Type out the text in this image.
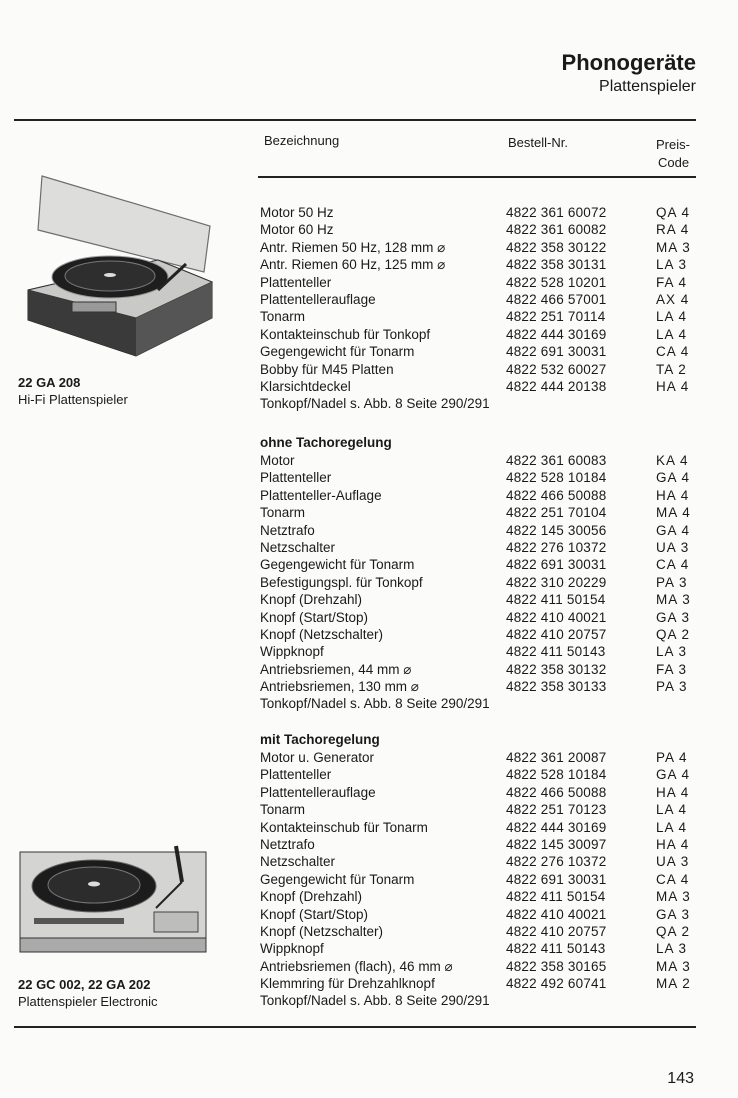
Phonogeräte
Plattenspieler
Bezeichnung	Bestell-Nr.	Preis-
Code
22 GA 208
Hi-Fi Plattenspieler
22 GC 002, 22 GA 202
Plattenspieler Electronic
Motor 50 Hz	4822 361 60072	QA 4
Motor 60 Hz	4822 361 60082	RA 4
Antr. Riemen 50 Hz, 128 mm ⌀	4822 358 30122	MA 3
Antr. Riemen 60 Hz, 125 mm ⌀	4822 358 30131	LA 3
Plattenteller	4822 528 10201	FA 4
Plattentellerauflage	4822 466 57001	AX 4
Tonarm	4822 251 70114	LA 4
Kontakteinschub für Tonkopf	4822 444 30169	LA 4
Gegengewicht für Tonarm	4822 691 30031	CA 4
Bobby für M45 Platten	4822 532 60027	TA 2
Klarsichtdeckel	4822 444 20138	HA 4
Tonkopf/Nadel s. Abb. 8 Seite 290/291
ohne Tachoregelung
Motor	4822 361 60083	KA 4
Plattenteller	4822 528 10184	GA 4
Plattenteller-Auflage	4822 466 50088	HA 4
Tonarm	4822 251 70104	MA 4
Netztrafo	4822 145 30056	GA 4
Netzschalter	4822 276 10372	UA 3
Gegengewicht für Tonarm	4822 691 30031	CA 4
Befestigungspl. für Tonkopf	4822 310 20229	PA 3
Knopf (Drehzahl)	4822 411 50154	MA 3
Knopf (Start/Stop)	4822 410 40021	GA 3
Knopf (Netzschalter)	4822 410 20757	QA 2
Wippknopf	4822 411 50143	LA 3
Antriebsriemen, 44 mm ⌀	4822 358 30132	FA 3
Antriebsriemen, 130 mm ⌀	4822 358 30133	PA 3
Tonkopf/Nadel s. Abb. 8 Seite 290/291
mit Tachoregelung
Motor u. Generator	4822 361 20087	PA 4
Plattenteller	4822 528 10184	GA 4
Plattentellerauflage	4822 466 50088	HA 4
Tonarm	4822 251 70123	LA 4
Kontakteinschub für Tonarm	4822 444 30169	LA 4
Netztrafo	4822 145 30097	HA 4
Netzschalter	4822 276 10372	UA 3
Gegengewicht für Tonarm	4822 691 30031	CA 4
Knopf (Drehzahl)	4822 411 50154	MA 3
Knopf (Start/Stop)	4822 410 40021	GA 3
Knopf (Netzschalter)	4822 410 20757	QA 2
Wippknopf	4822 411 50143	LA 3
Antriebsriemen (flach), 46 mm ⌀	4822 358 30165	MA 3
Klemmring für Drehzahlknopf	4822 492 60741	MA 2
Tonkopf/Nadel s. Abb. 8 Seite 290/291
143
